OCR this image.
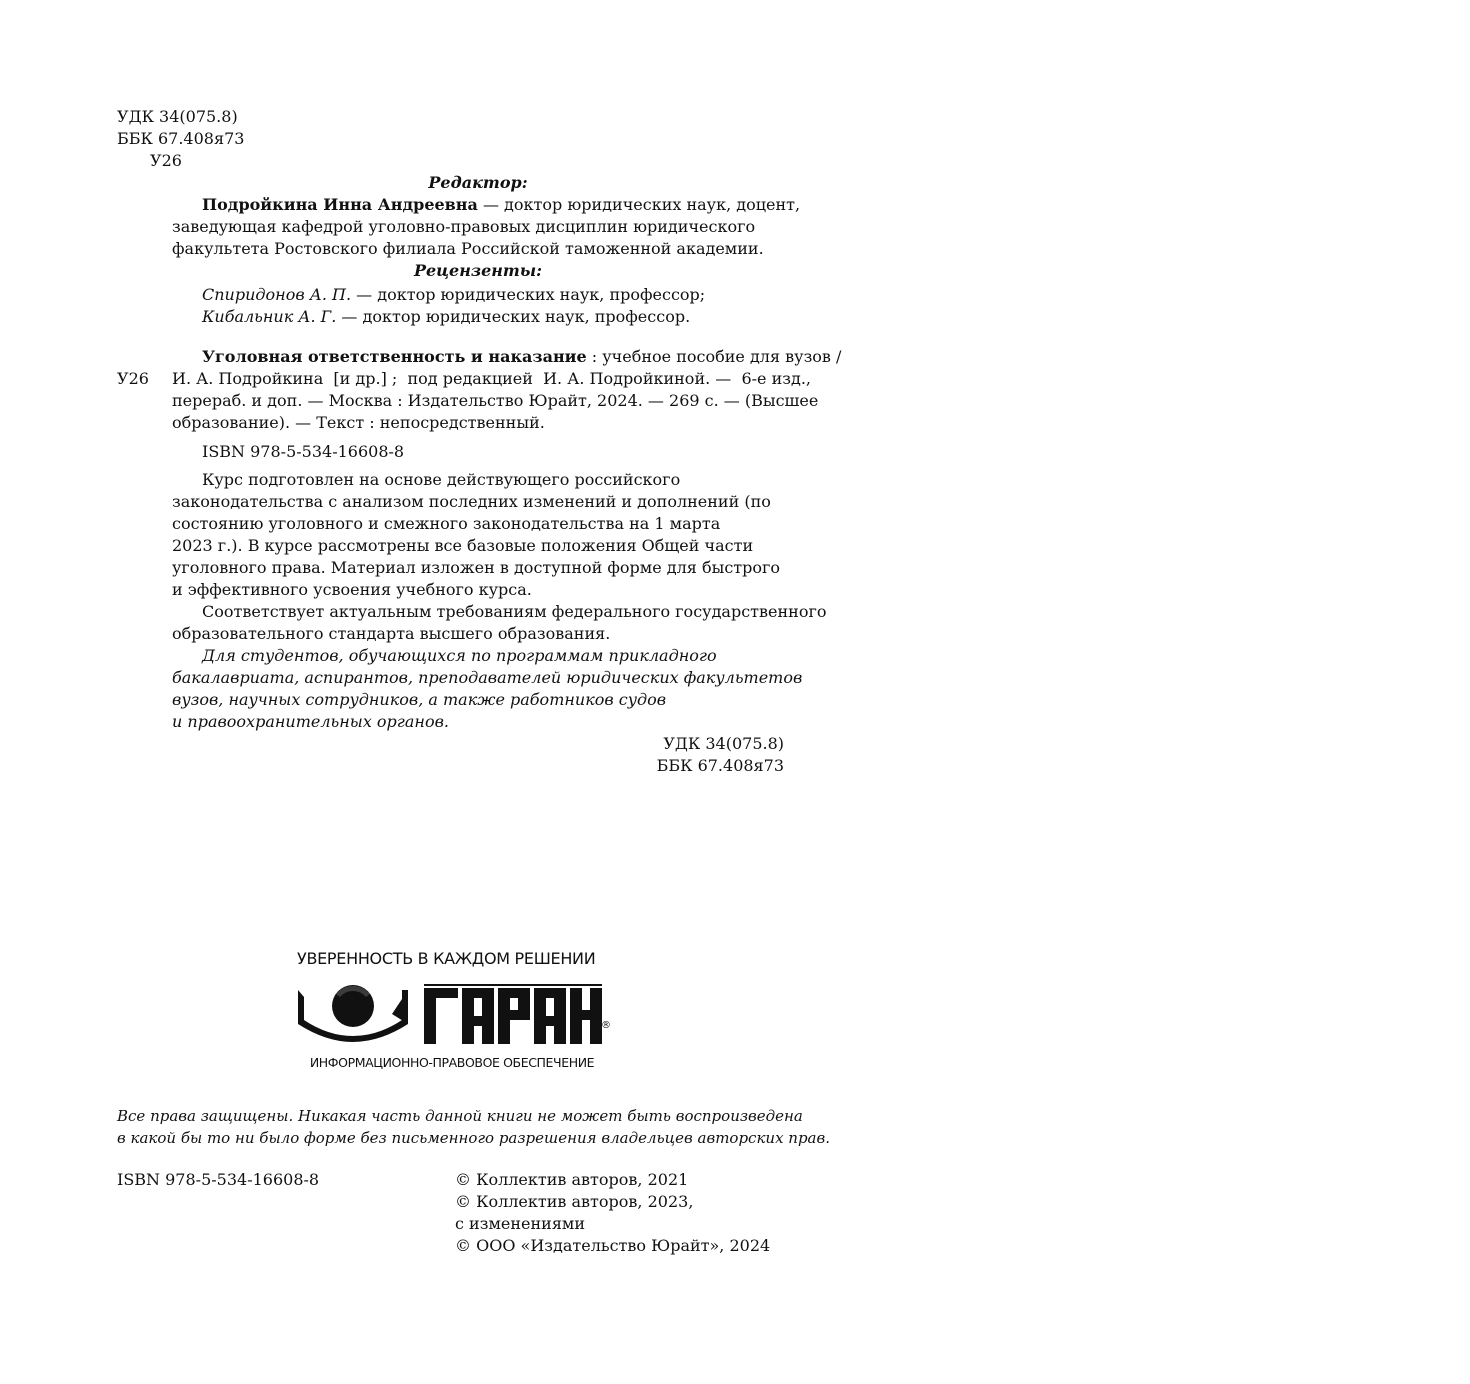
УДК 34(075.8)
ББК 67.408я73
У26
Редактор:
Подройкина Инна Андреевна — доктор юридических наук, доцент,
заведующая кафедрой уголовно-правовых дисциплин юридического
факультета Ростовского филиала Российской таможенной академии.
Рецензенты:
Спиридонов А. П. — доктор юридических наук, профессор;
Кибальник А. Г. — доктор юридических наук, профессор.
Уголовная ответственность и наказание : учебное пособие для вузов /
У26 И. А. Подройкина  [и др.] ;  под редакцией  И. А. Подройкиной. —  6-е изд.,
перераб. и доп. — Москва : Издательство Юрайт, 2024. — 269 с. — (Высшее
образование). — Текст : непосредственный.
ISBN 978-5-534-16608-8
Курс подготовлен на основе действующего российского
законодательства с анализом последних изменений и дополнений (по
состоянию уголовного и смежного законодательства на 1 марта
2023 г.). В курсе рассмотрены все базовые положения Общей части
уголовного права. Материал изложен в доступной форме для быстрого
и эффективного усвоения учебного курса.
Соответствует актуальным требованиям федерального государственного
образовательного стандарта высшего образования.
Для студентов, обучающихся по программам прикладного
бакалавриата, аспирантов, преподавателей юридических факультетов
вузов, научных сотрудников, а также работников судов
и правоохранительных органов.
УДК 34(075.8)
ББК 67.408я73
УВЕРЕННОСТЬ В КАЖДОМ РЕШЕНИИ
®
ИНФОРМАЦИОННО-ПРАВОВОЕ ОБЕСПЕЧЕНИЕ
Все права защищены. Никакая часть данной книги не может быть воспроизведена
в какой бы то ни было форме без письменного разрешения владельцев авторских прав.
ISBN 978-5-534-16608-8	© Коллектив авторов, 2021
© Коллектив авторов, 2023,
с изменениями
© ООО «Издательство Юрайт», 2024
